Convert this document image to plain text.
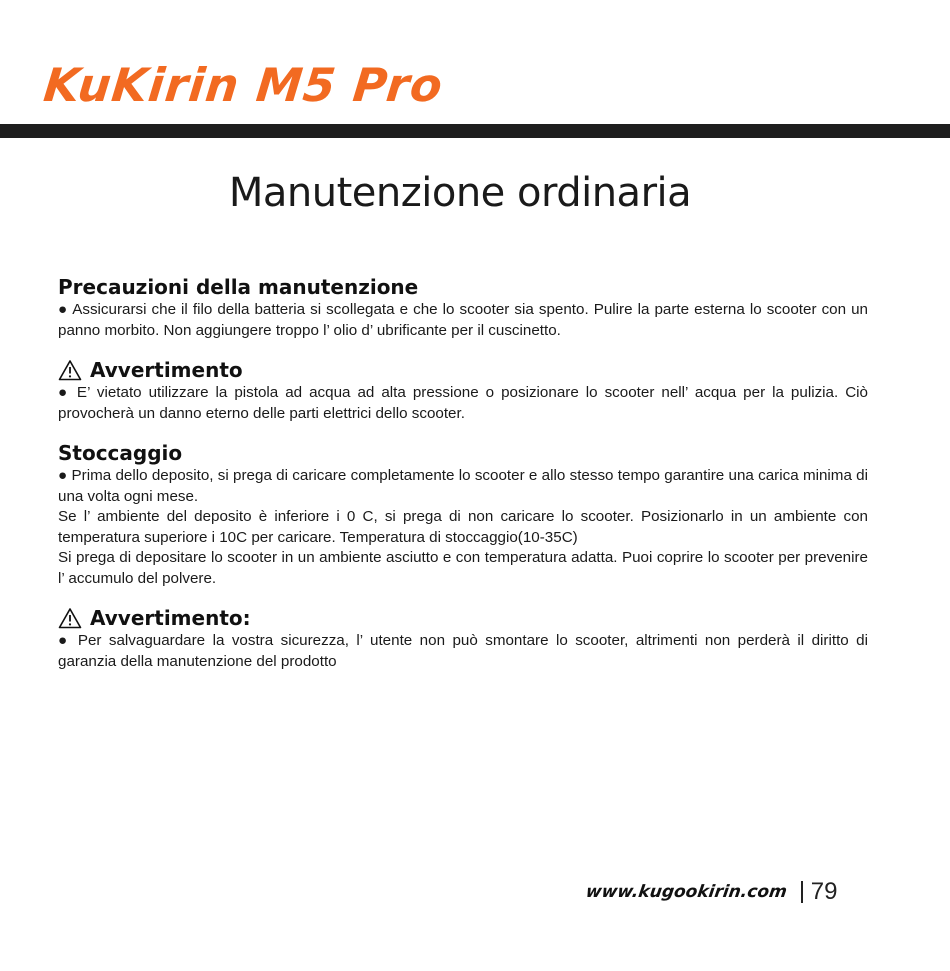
KuKirin M5 Pro
Manutenzione ordinaria
Precauzioni della manutenzione

● Assicurarsi che il filo della batteria si scollegata e che lo scooter sia spento. Pulire la parte esterna lo scooter con un panno morbito. Non aggiungere troppo l’ olio d’ ubrificante per il cuscinetto.

Avvertimento

● E’ vietato utilizzare la pistola ad acqua ad alta pressione o posizionare lo scooter nell’ acqua per la pulizia. Ciò provocherà un danno eterno delle parti elettrici dello scooter.

Stoccaggio

● Prima dello deposito, si prega di caricare completamente lo scooter e allo stesso tempo garantire una carica minima di una volta ogni mese.

Se l’ ambiente del deposito è inferiore i 0 C, si prega di non caricare lo scooter. Posizionarlo in un ambiente con temperatura superiore i 10C per caricare. Temperatura di stoccaggio(10-35C)

Si prega di depositare lo scooter in un ambiente asciutto e con temperatura adatta. Puoi coprire lo scooter per prevenire l’ accumulo del polvere.

Avvertimento:

● Per salvaguardare la vostra sicurezza, l’ utente non può smontare lo scooter, altrimenti non perderà il diritto di garanzia della manutenzione del prodotto

www.kugookirin.com 79
